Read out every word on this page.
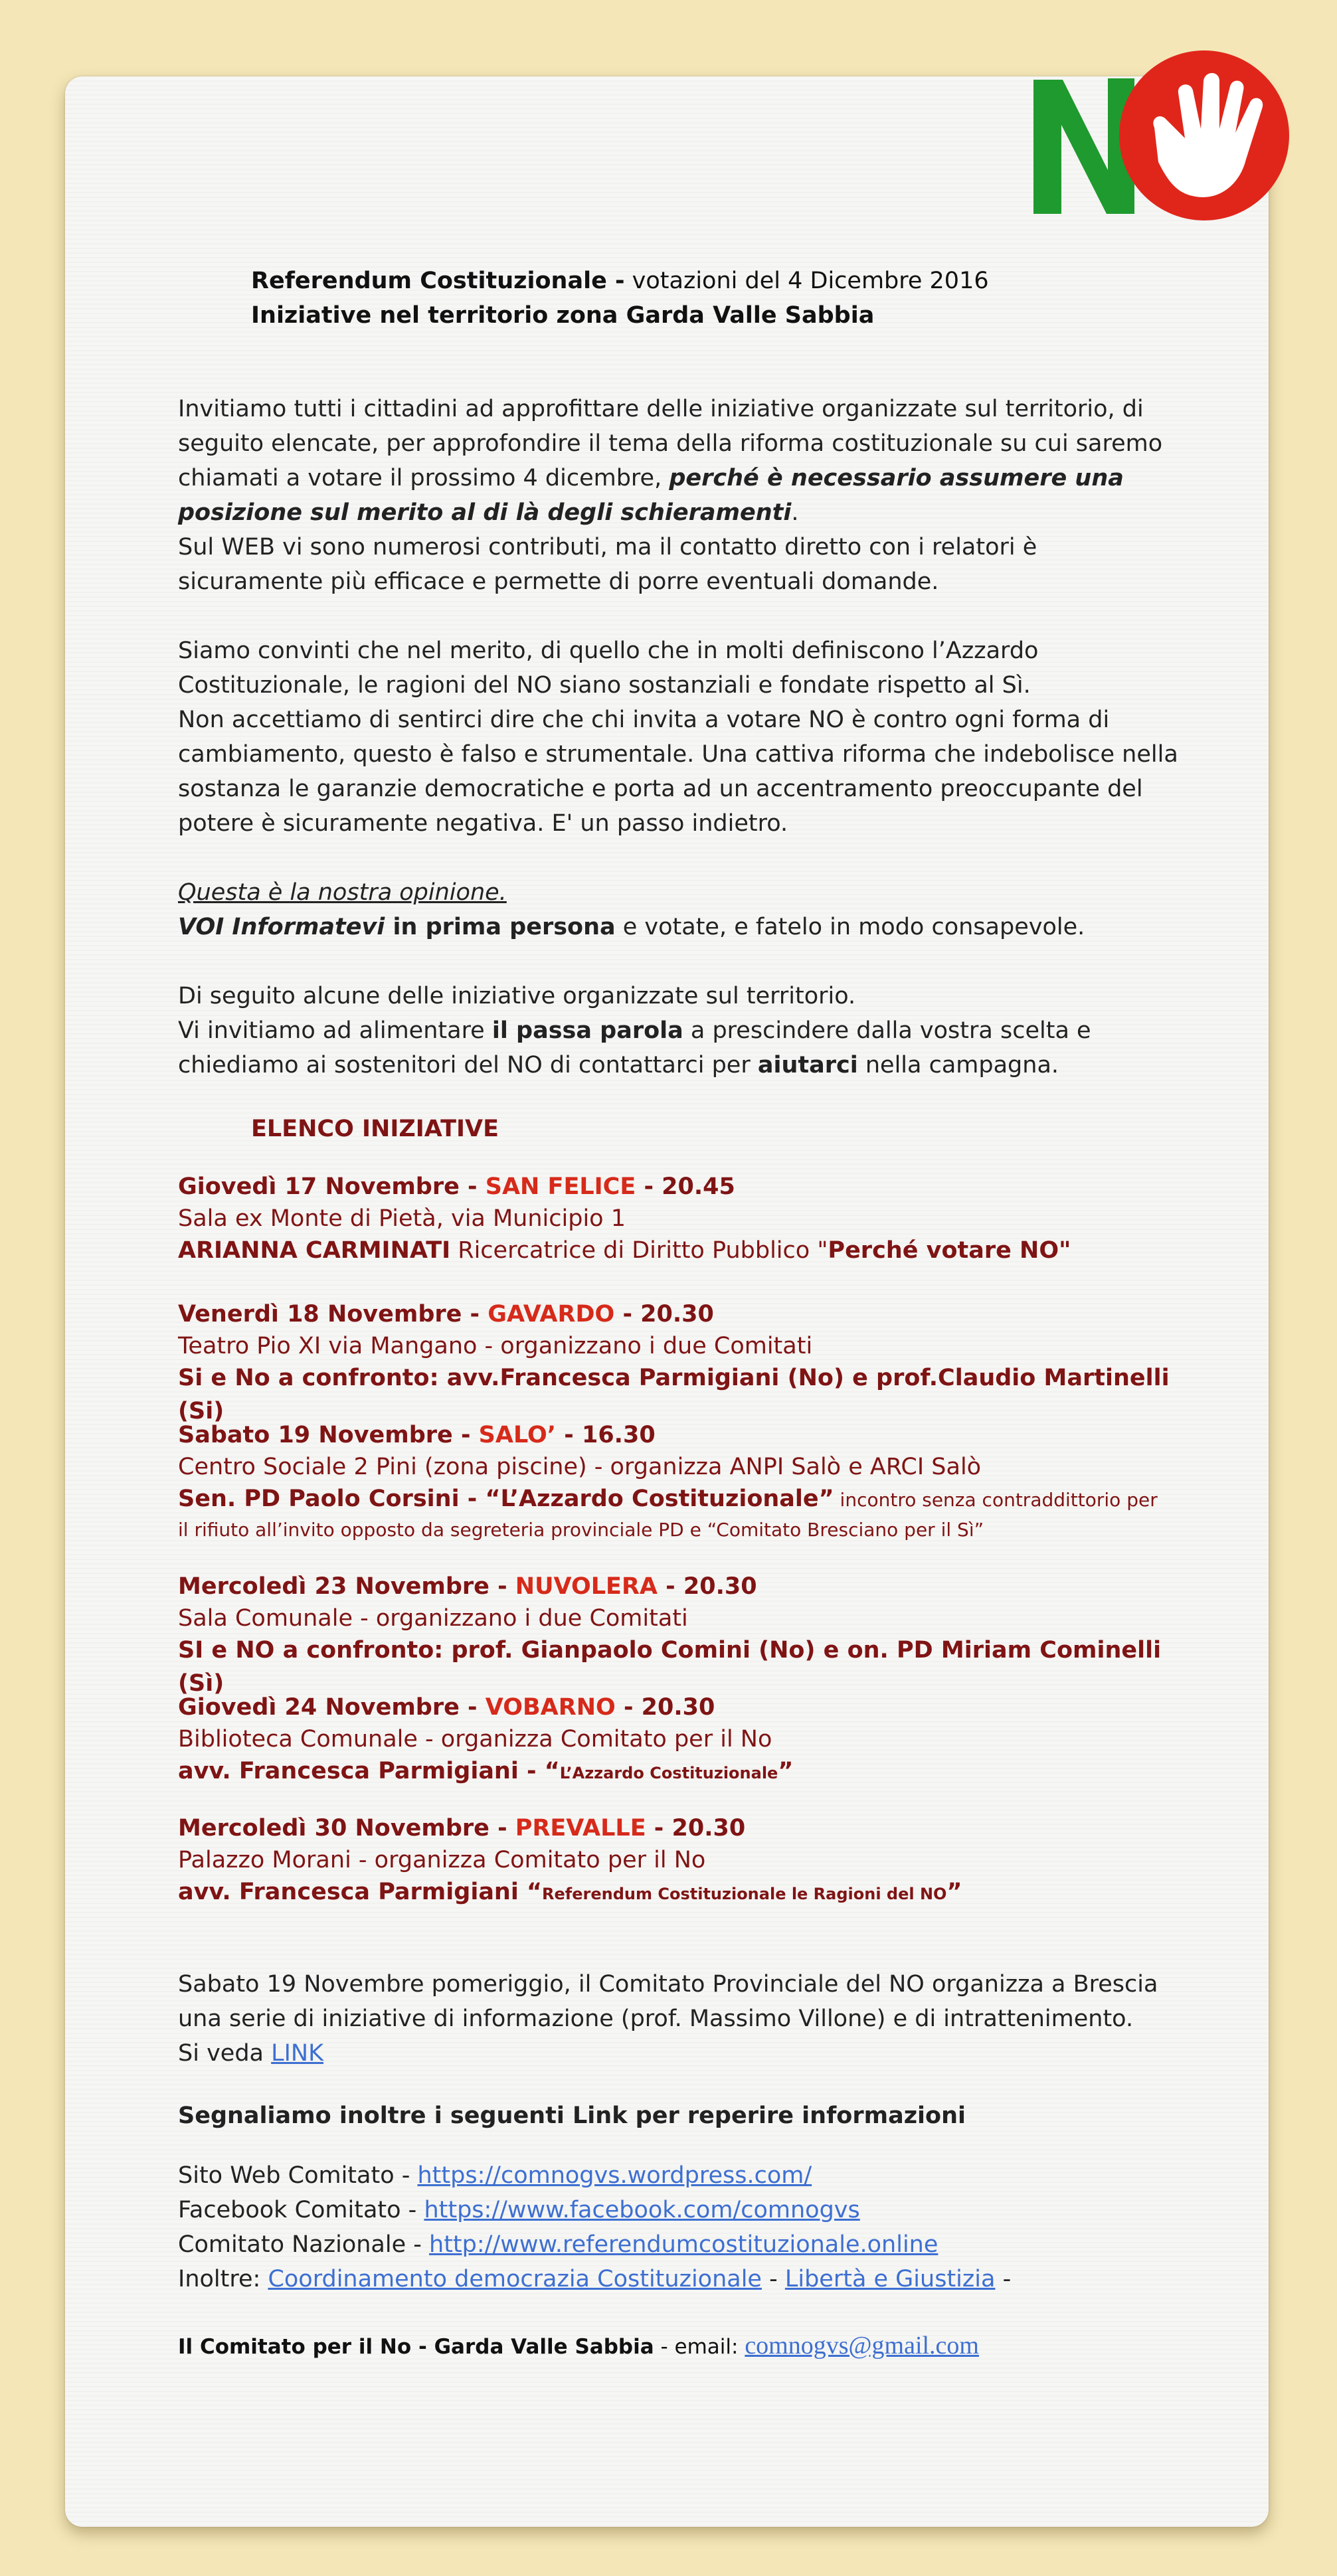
Referendum Costituzionale - votazioni del 4 Dicembre 2016
Iniziative nel territorio zona Garda Valle Sabbia
Invitiamo tutti i cittadini ad approfittare delle iniziative organizzate sul territorio, di seguito elencate, per approfondire il tema della riforma costituzionale su cui saremo chiamati a votare il prossimo 4 dicembre, perché è necessario assumere una posizione sul merito al di là degli schieramenti.
Sul WEB vi sono numerosi contributi, ma il contatto diretto con i relatori è sicuramente più efficace e permette di porre eventuali domande.
Siamo convinti che nel merito, di quello che in molti definiscono l’Azzardo Costituzionale, le ragioni del NO siano sostanziali e fondate rispetto al Sì.
Non accettiamo di sentirci dire che chi invita a votare NO è contro ogni forma di cambiamento, questo è falso e strumentale. Una cattiva riforma che indebolisce nella sostanza le garanzie democratiche e porta ad un accentramento preoccupante del potere è sicuramente negativa. E' un passo indietro.
Questa è la nostra opinione.
VOI Informatevi in prima persona e votate, e fatelo in modo consapevole.
Di seguito alcune delle iniziative organizzate sul territorio.
Vi invitiamo ad alimentare il passa parola a prescindere dalla vostra scelta e chiediamo ai sostenitori del NO di contattarci per aiutarci nella campagna.
ELENCO INIZIATIVE
Giovedì 17 Novembre - SAN FELICE - 20.45
Sala ex Monte di Pietà, via Municipio 1
ARIANNA CARMINATI Ricercatrice di Diritto Pubblico "Perché votare NO"
Venerdì 18 Novembre - GAVARDO - 20.30
Teatro Pio XI via Mangano - organizzano i due Comitati
Si e No a confronto: avv.Francesca Parmigiani (No) e prof.Claudio Martinelli (Si)
Sabato 19 Novembre - SALO’ - 16.30
Centro Sociale 2 Pini (zona piscine) - organizza ANPI Salò e ARCI Salò
Sen. PD Paolo Corsini - “L’Azzardo Costituzionale” incontro senza contraddittorio per
il rifiuto all’invito opposto da segreteria provinciale PD e “Comitato Bresciano per il Sì”
Mercoledì 23 Novembre - NUVOLERA - 20.30
Sala Comunale - organizzano i due Comitati
SI e NO a confronto: prof. Gianpaolo Comini (No) e on. PD Miriam Cominelli (Sì)
Giovedì 24 Novembre - VOBARNO - 20.30
Biblioteca Comunale - organizza Comitato per il No
avv. Francesca Parmigiani - “L’Azzardo Costituzionale”
Mercoledì 30 Novembre - PREVALLE - 20.30
Palazzo Morani - organizza Comitato per il No
avv. Francesca Parmigiani “Referendum Costituzionale le Ragioni del NO”
Sabato 19 Novembre pomeriggio, il Comitato Provinciale del NO organizza a Brescia una serie di iniziative di informazione (prof. Massimo Villone) e di intrattenimento.
Si veda LINK
Segnaliamo inoltre i seguenti Link per reperire informazioni
Sito Web Comitato - https://comnogvs.wordpress.com/
Facebook Comitato - https://www.facebook.com/comnogvs
Comitato Nazionale - http://www.referendumcostituzionale.online
Inoltre: Coordinamento democrazia Costituzionale - Libertà e Giustizia -
Il Comitato per il No - Garda Valle Sabbia - email: comnogvs@gmail.com
